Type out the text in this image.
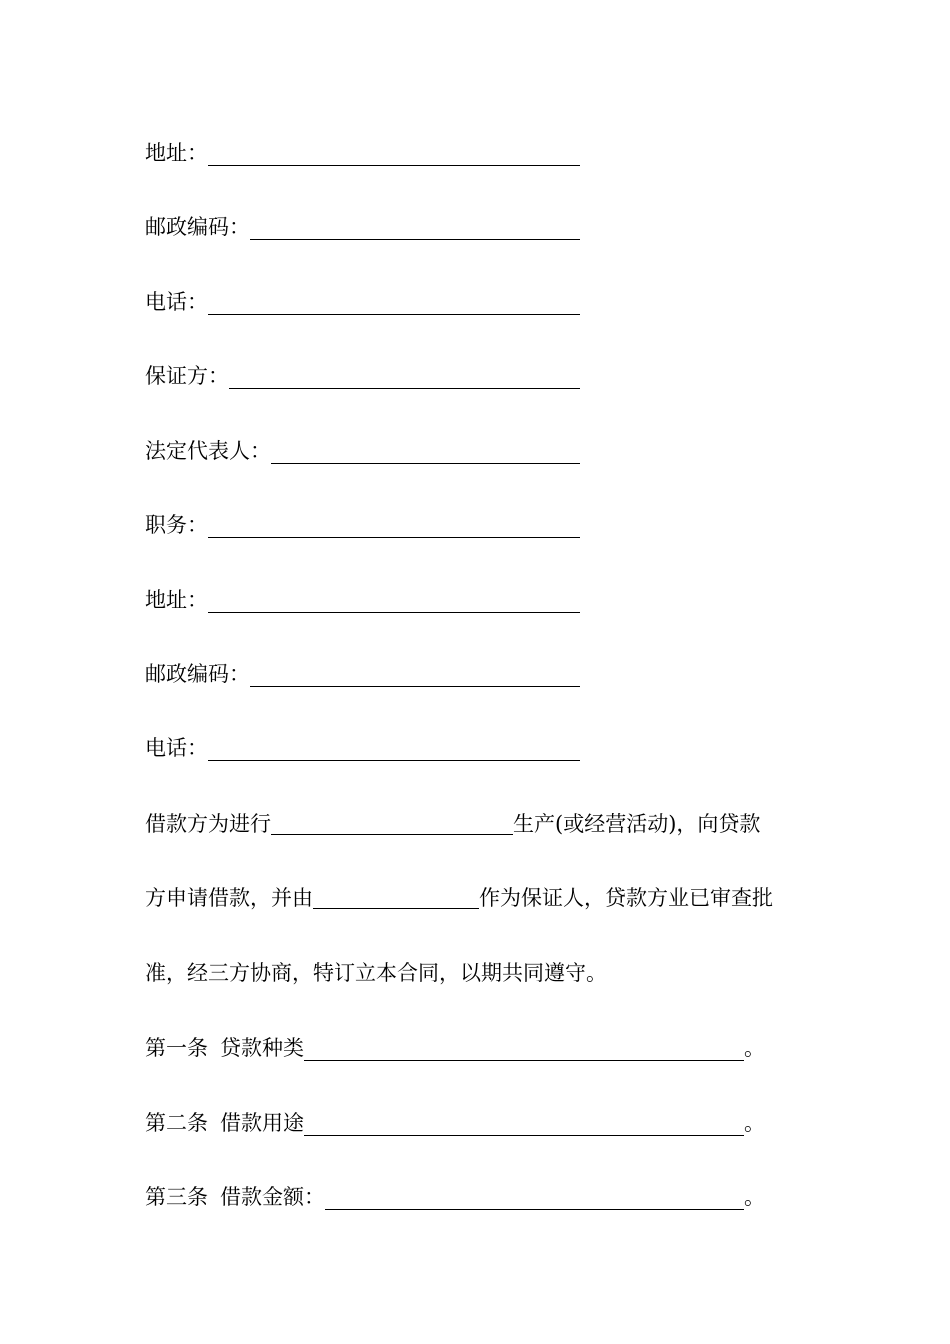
地址：
邮政编码：
电话：
保证方：
法定代表人：
职务：
地址：
邮政编码：
电话：
借款方为进行	生产(或经营活动)，向贷款
方申请借款，并由	作为保证人，贷款方业已审查批
准，经三方协商，特订立本合同，以期共同遵守。
第一条 贷款种类	。
第二条 借款用途	。
第三条 借款金额：	。
